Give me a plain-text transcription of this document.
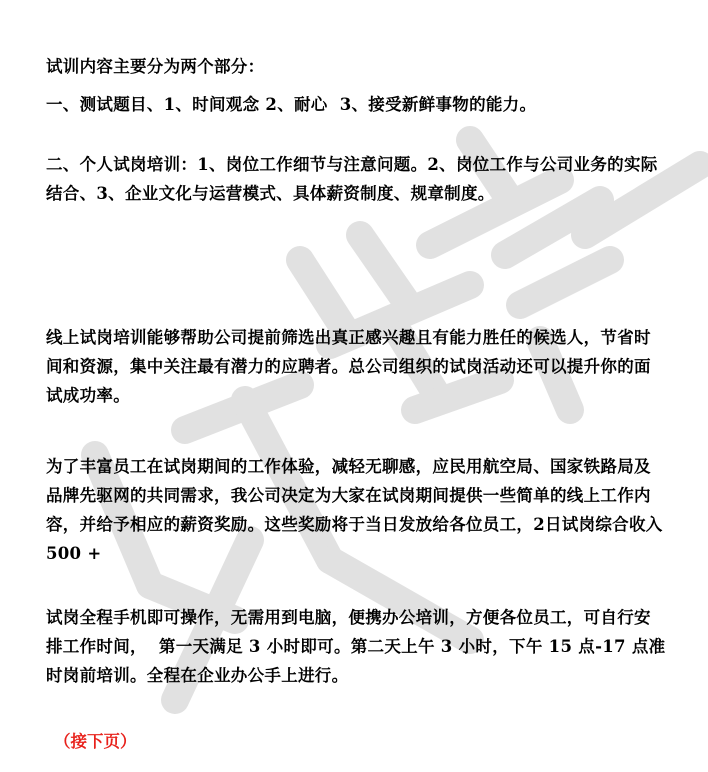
试训内容主要分为两个部分：

一、测试题目、1、时间观念 2、耐心  3、接受新鲜事物的能力。

二、个人试岗培训：1、岗位工作细节与注意问题。2、岗位工作与公司业务的实际结合、3、企业文化与运营模式、具体薪资制度、规章制度。

线上试岗培训能够帮助公司提前筛选出真正感兴趣且有能力胜任的候选人，节省时间和资源，集中关注最有潜力的应聘者。总公司组织的试岗活动还可以提升你的面试成功率。

为了丰富员工在试岗期间的工作体验，减轻无聊感，应民用航空局、国家铁路局及品牌先驱网的共同需求，我公司决定为大家在试岗期间提供一些简单的线上工作内容，并给予相应的薪资奖励。这些奖励将于当日发放给各位员工，2日试岗综合收入 500 +

试岗全程手机即可操作，无需用到电脑，便携办公培训，方便各位员工，可自行安排工作时间，  第一天满足 3 小时即可。第二天上午 3 小时，下午 15 点-17 点准时岗前培训。全程在企业办公手上进行。

（接下页）
